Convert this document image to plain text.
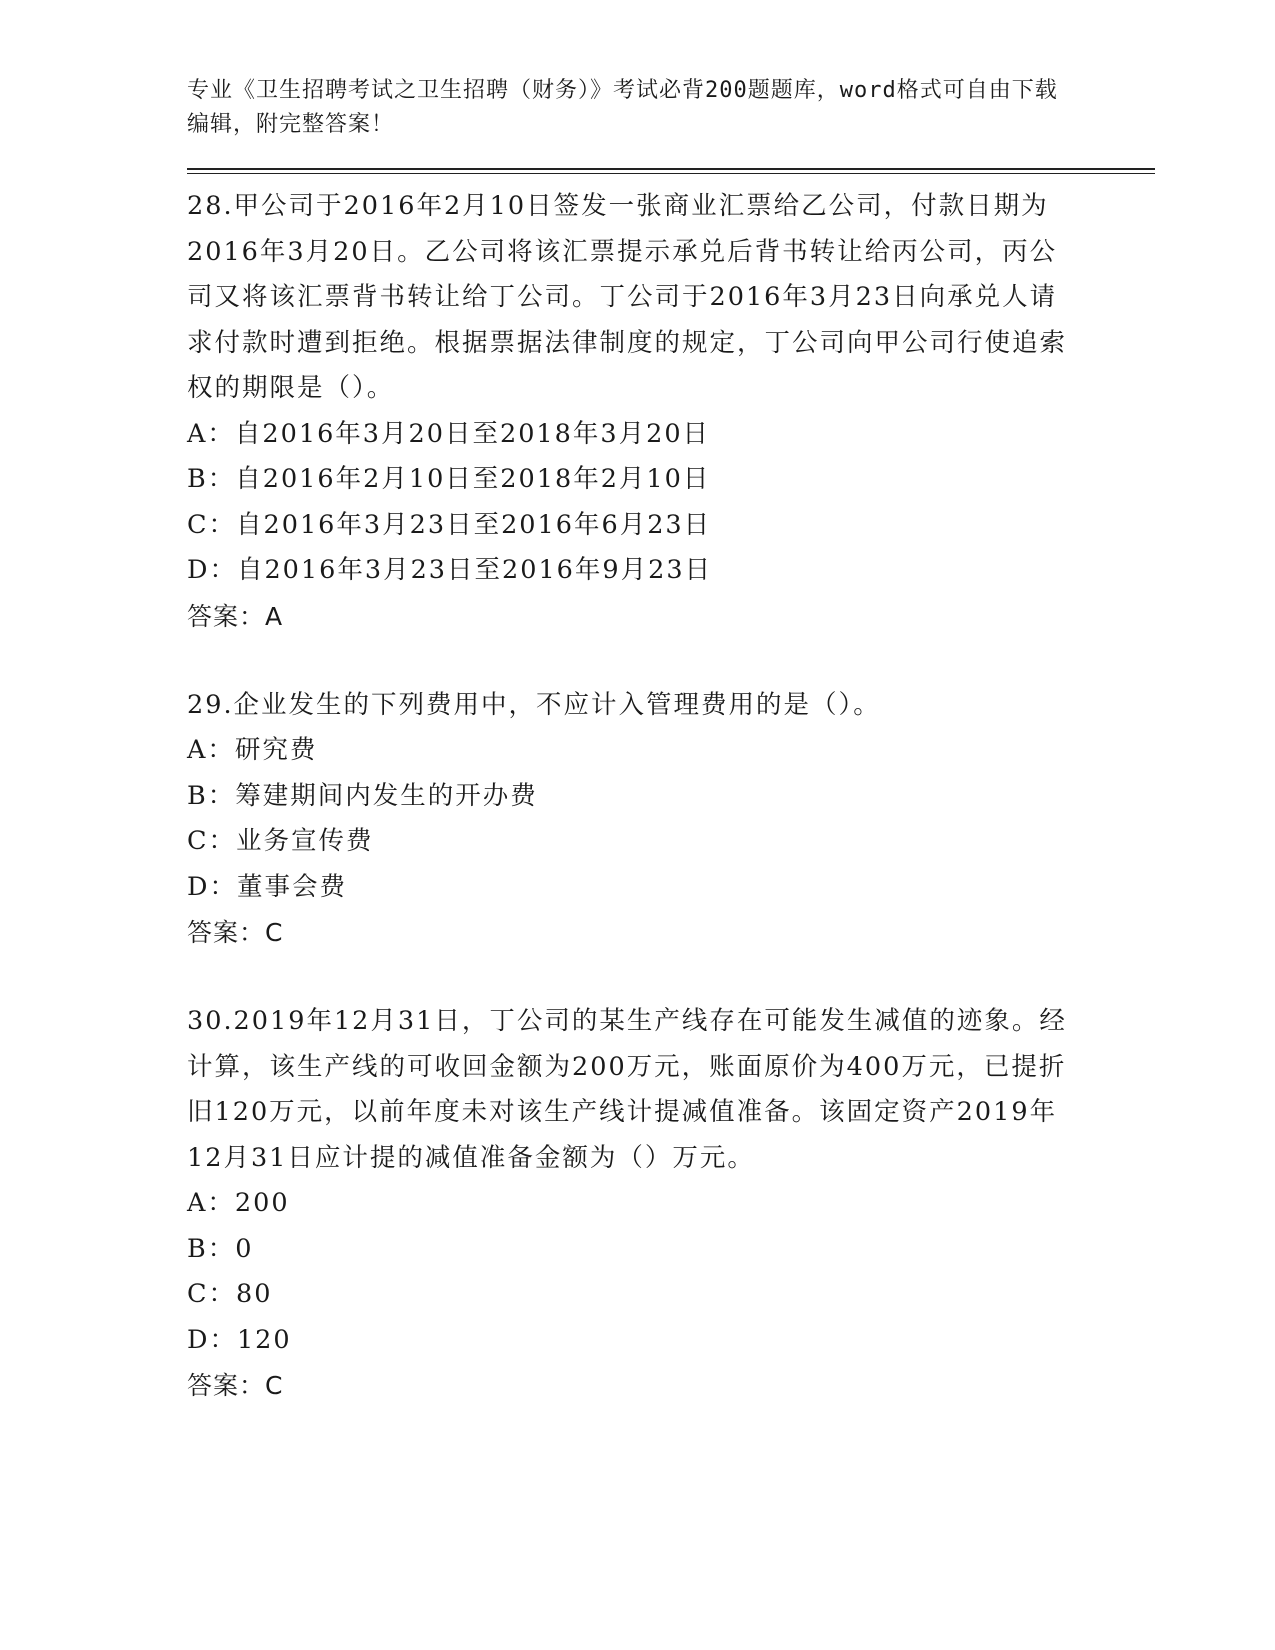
专业《卫生招聘考试之卫生招聘（财务）》考试必背200题题库，word格式可自由下载编辑，附完整答案！
28.甲公司于2016年2月10日签发一张商业汇票给乙公司，付款日期为2016年3月20日。乙公司将该汇票提示承兑后背书转让给丙公司，丙公司又将该汇票背书转让给丁公司。丁公司于2016年3月23日向承兑人请求付款时遭到拒绝。根据票据法律制度的规定，丁公司向甲公司行使追索权的期限是（）。
A：自2016年3月20日至2018年3月20日
B：自2016年2月10日至2018年2月10日
C：自2016年3月23日至2016年6月23日
D：自2016年3月23日至2016年9月23日
答案：A
29.企业发生的下列费用中，不应计入管理费用的是（）。
A：研究费
B：筹建期间内发生的开办费
C：业务宣传费
D：董事会费
答案：C
30.2019年12月31日，丁公司的某生产线存在可能发生减值的迹象。经计算，该生产线的可收回金额为200万元，账面原价为400万元，已提折旧120万元，以前年度未对该生产线计提减值准备。该固定资产2019年12月31日应计提的减值准备金额为（）万元。
A：200
B：0
C：80
D：120
答案：C
